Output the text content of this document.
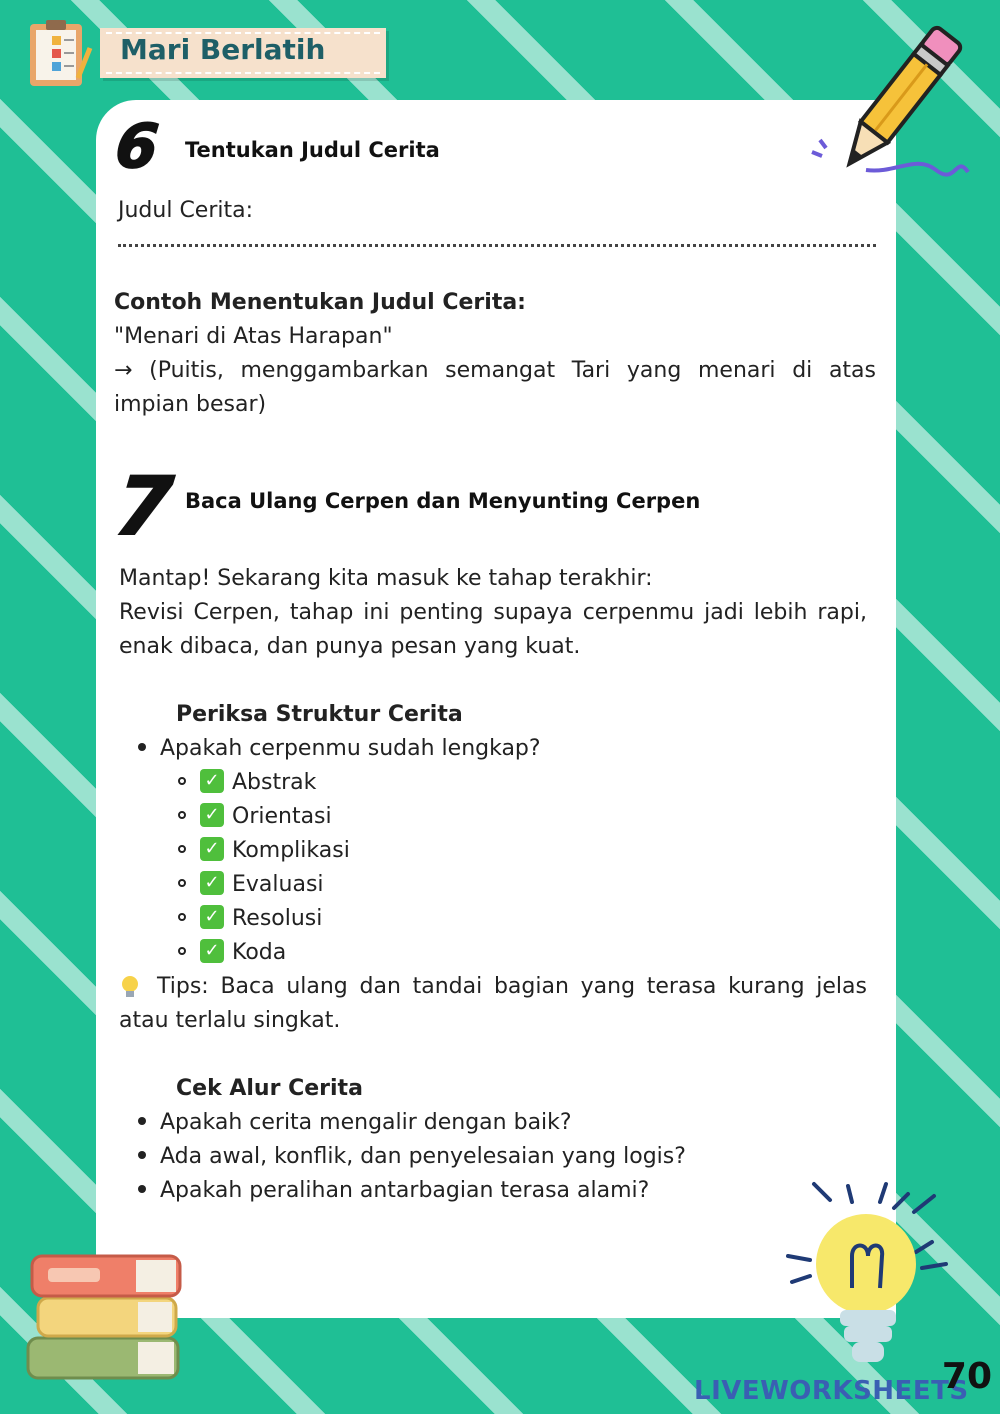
Mari Berlatih
6 Tentukan Judul Cerita
Judul Cerita:
Contoh Menentukan Judul Cerita:
"Menari di Atas Harapan"
→ (Puitis, menggambarkan semangat Tari yang menari di atas impian besar)
7 Baca Ulang Cerpen dan Menyunting Cerpen
Mantap! Sekarang kita masuk ke tahap terakhir:
Revisi Cerpen, tahap ini penting supaya cerpenmu jadi lebih rapi, enak dibaca, dan punya pesan yang kuat.
Periksa Struktur Cerita
Apakah cerpenmu sudah lengkap?
✓ Abstrak
✓ Orientasi
✓ Komplikasi
✓ Evaluasi
✓ Resolusi
✓ Koda
Tips: Baca ulang dan tandai bagian yang terasa kurang jelas atau terlalu singkat.
Cek Alur Cerita
Apakah cerita mengalir dengan baik?
Ada awal, konflik, dan penyelesaian yang logis?
Apakah peralihan antarbagian terasa alami?
LIVEWORKSHEETS
70
